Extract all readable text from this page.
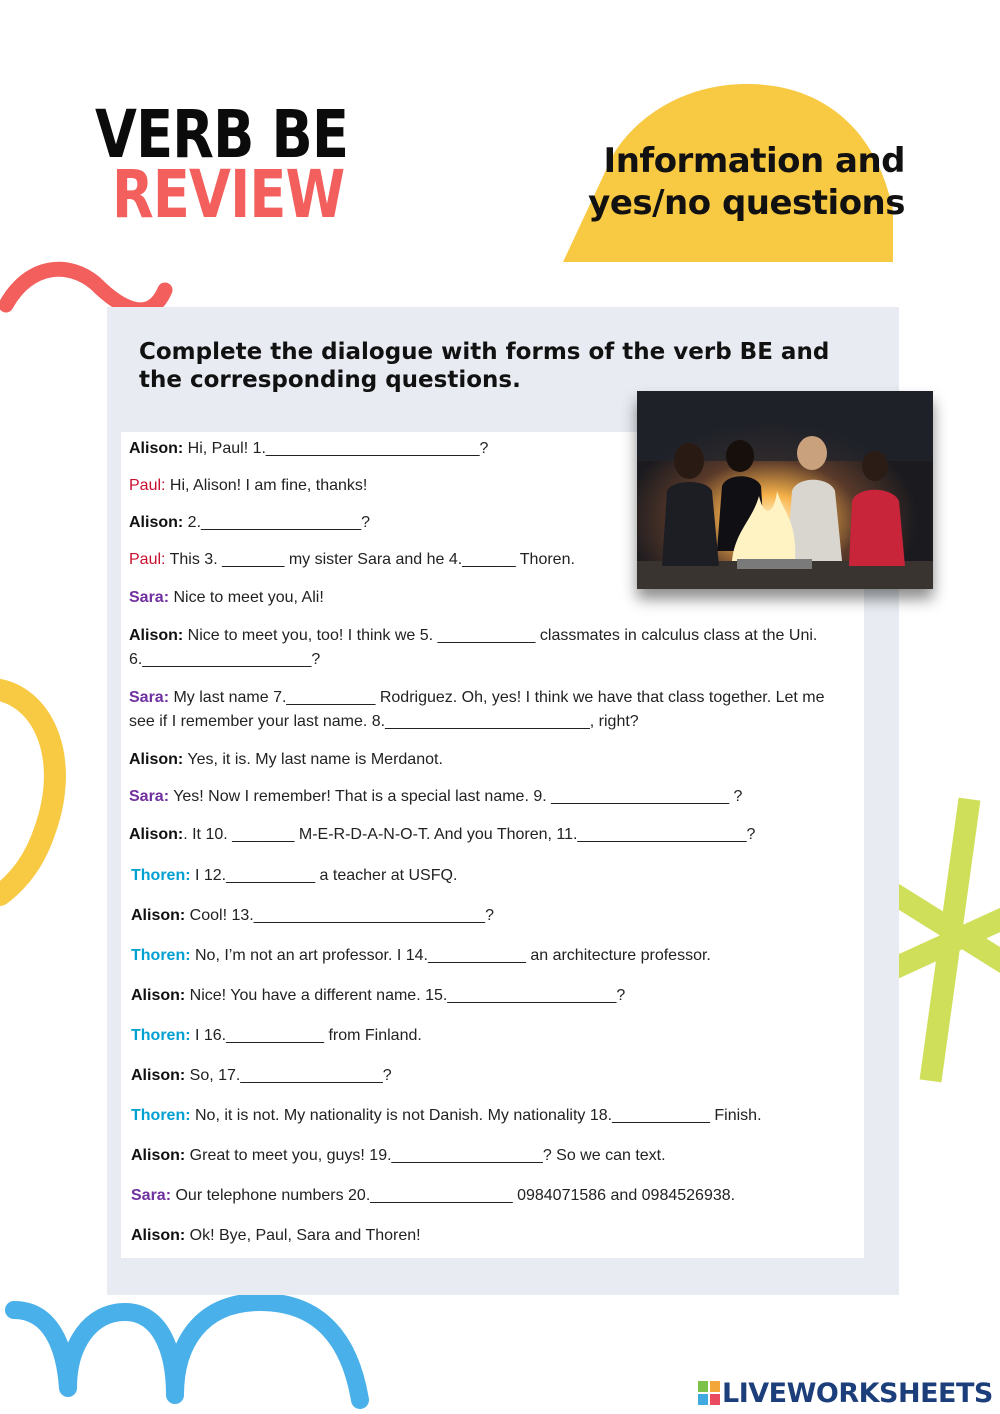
VERB BE
REVIEW	Information and
yes/no questions
Complete the dialogue with forms of the verb BE and
the corresponding questions.
Alison: Hi, Paul! 1.________________________?
Paul: Hi, Alison! I am fine, thanks!
Alison: 2.__________________?
Paul: This 3. _______ my sister Sara and he 4.______ Thoren.
Sara: Nice to meet you, Ali!
Alison: Nice to meet you, too! I think we 5. ___________ classmates in calculus class at the Uni. 6.___________________?
Sara: My last name 7.__________ Rodriguez. Oh, yes! I think we have that class together. Let me see if I remember your last name. 8._______________________, right?
Alison: Yes, it is. My last name is Merdanot.
Sara: Yes! Now I remember! That is a special last name. 9. ____________________ ?
Alison:. It 10. _______ M-E-R-D-A-N-O-T. And you Thoren, 11.___________________?
Thoren: I 12.__________ a teacher at USFQ.
Alison: Cool! 13.__________________________?
Thoren: No, I’m not an art professor. I 14.___________ an architecture professor.
Alison: Nice! You have a different name. 15.___________________?
Thoren: I 16.___________ from Finland.
Alison: So, 17.________________?
Thoren: No, it is not. My nationality is not Danish. My nationality 18.___________ Finish.
Alison: Great to meet you, guys! 19._________________? So we can text.
Sara: Our telephone numbers 20.________________ 0984071586 and 0984526938.
Alison: Ok! Bye, Paul, Sara and Thoren!
LIVEWORKSHEETS
